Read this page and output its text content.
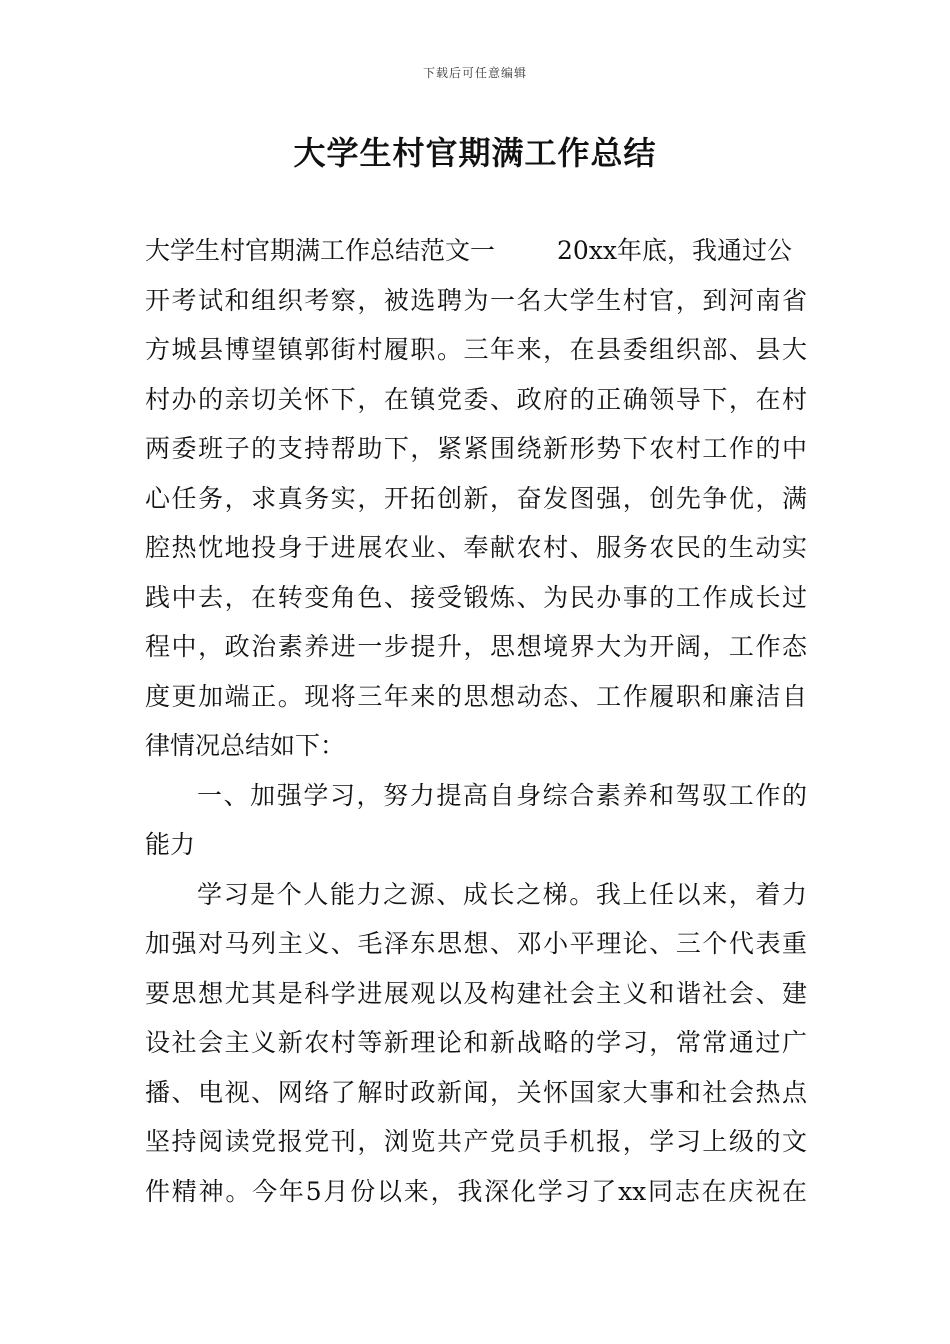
下载后可任意编辑
大学生村官期满工作总结
大学生村官期满工作总结范文一 20xx年底，我通过公
开考试和组织考察，被选聘为一名大学生村官，到河南省
方城县博望镇郭街村履职。三年来，在县委组织部、县大
村办的亲切关怀下，在镇党委、政府的正确领导下，在村
两委班子的支持帮助下，紧紧围绕新形势下农村工作的中
心任务，求真务实，开拓创新，奋发图强，创先争优，满
腔热忱地投身于进展农业、奉献农村、服务农民的生动实
践中去，在转变角色、接受锻炼、为民办事的工作成长过
程中，政治素养进一步提升，思想境界大为开阔，工作态
度更加端正。现将三年来的思想动态、工作履职和廉洁自
律情况总结如下：
一、加强学习，努力提高自身综合素养和驾驭工作的
能力
学习是个人能力之源、成长之梯。我上任以来，着力
加强对马列主义、毛泽东思想、邓小平理论、三个代表重
要思想尤其是科学进展观以及构建社会主义和谐社会、建
设社会主义新农村等新理论和新战略的学习，常常通过广
播、电视、网络了解时政新闻，关怀国家大事和社会热点
坚持阅读党报党刊，浏览共产党员手机报，学习上级的文
件精神。今年5月份以来，我深化学习了xx同志在庆祝在
